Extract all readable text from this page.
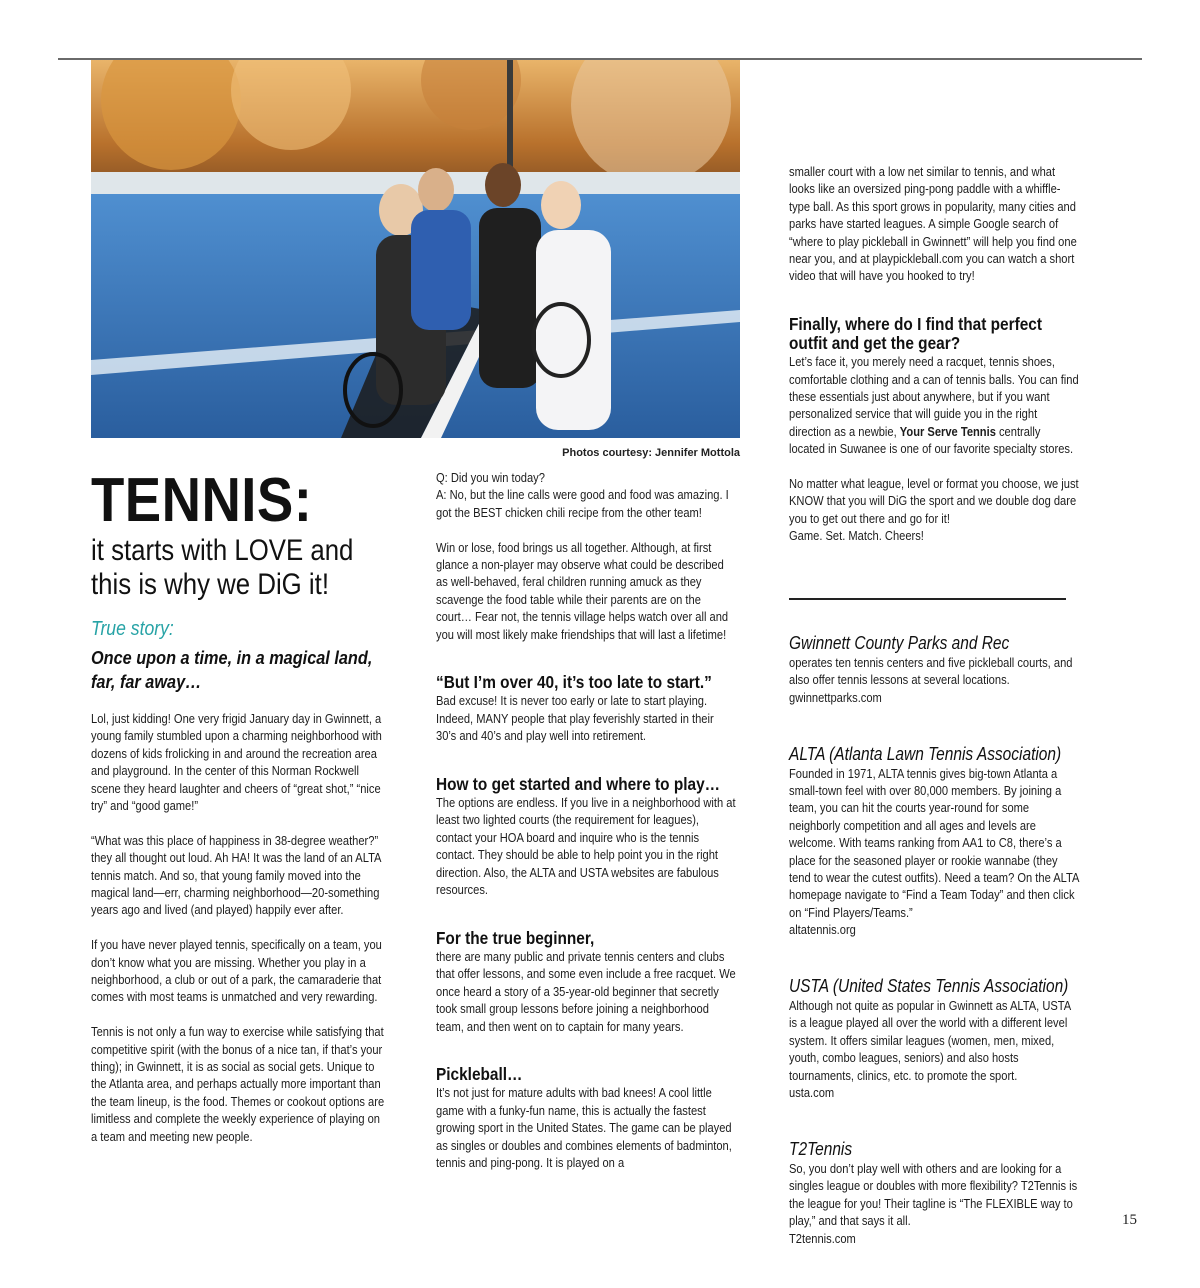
Photos courtesy: Jennifer Mottola
TENNIS:
it starts with LOVE and
this is why we DiG it!
True story:
Once upon a time, in a magical land, far, far away…

Lol, just kidding! One very frigid January day in Gwinnett, a young family stumbled upon a charming neighborhood with dozens of kids frolicking in and around the recreation area and playground. In the center of this Norman Rockwell scene they heard laughter and cheers of “great shot,” “nice try” and “good game!”

“What was this place of happiness in 38-degree weather?” they all thought out loud. Ah HA! It was the land of an ALTA tennis match. And so, that young family moved into the magical land—err, charming neighborhood—20-something years ago and lived (and played) happily ever after.

If you have never played tennis, specifically on a team, you don’t know what you are missing. Whether you play in a neighborhood, a club or out of a park, the camaraderie that comes with most teams is unmatched and very rewarding.

Tennis is not only a fun way to exercise while satisfying that competitive spirit (with the bonus of a nice tan, if that’s your thing); in Gwinnett, it is as social as social gets. Unique to the Atlanta area, and perhaps actually more important than the team lineup, is the food. Themes or cookout options are limitless and complete the weekly experience of playing on a team and meeting new people.

Q: Did you win today?

A: No, but the line calls were good and food was amazing. I got the BEST chicken chili recipe from the other team!

Win or lose, food brings us all together. Although, at first glance a non-player may observe what could be described as well-behaved, feral children running amuck as they scavenge the food table while their parents are on the court… Fear not, the tennis village helps watch over all and you will most likely make friendships that will last a lifetime!

“But I’m over 40, it’s too late to start.”

Bad excuse! It is never too early or late to start playing. Indeed, MANY people that play feverishly started in their 30’s and 40’s and play well into retirement.

How to get started and where to play…

The options are endless. If you live in a neighborhood with at least two lighted courts (the requirement for leagues), contact your HOA board and inquire who is the tennis contact. They should be able to help point you in the right direction. Also, the ALTA and USTA websites are fabulous resources.

For the true beginner,

there are many public and private tennis centers and clubs that offer lessons, and some even include a free racquet. We once heard a story of a 35-year-old beginner that secretly took small group lessons before joining a neighborhood team, and then went on to captain for many years.

Pickleball…

It’s not just for mature adults with bad knees! A cool little game with a funky-fun name, this is actually the fastest growing sport in the United States. The game can be played as singles or doubles and combines elements of badminton, tennis and ping-pong. It is played on a

smaller court with a low net similar to tennis, and what looks like an oversized ping-pong paddle with a whiffle-type ball. As this sport grows in popularity, many cities and parks have started leagues. A simple Google search of “where to play pickleball in Gwinnett” will help you find one near you, and at playpickleball.com you can watch a short video that will have you hooked to try!

Finally, where do I find that perfect outfit and get the gear?

Let’s face it, you merely need a racquet, tennis shoes, comfortable clothing and a can of tennis balls. You can find these essentials just about anywhere, but if you want personalized service that will guide you in the right direction as a newbie, Your Serve Tennis centrally located in Suwanee is one of our favorite specialty stores.

No matter what league, level or format you choose, we just KNOW that you will DiG the sport and we double dog dare you to get out there and go for it!

Game. Set. Match. Cheers!

Gwinnett County Parks and Rec

operates ten tennis centers and five pickleball courts, and also offer tennis lessons at several locations.

gwinnettparks.com

ALTA (Atlanta Lawn Tennis Association)

Founded in 1971, ALTA tennis gives big-town Atlanta a small-town feel with over 80,000 members. By joining a team, you can hit the courts year-round for some neighborly competition and all ages and levels are welcome. With teams ranking from AA1 to C8, there’s a place for the seasoned player or rookie wannabe (they tend to wear the cutest outfits). Need a team? On the ALTA homepage navigate to “Find a Team Today” and then click on “Find Players/Teams.”

altatennis.org

USTA (United States Tennis Association)

Although not quite as popular in Gwinnett as ALTA, USTA is a league played all over the world with a different level system. It offers similar leagues (women, men, mixed, youth, combo leagues, seniors) and also hosts tournaments, clinics, etc. to promote the sport.

usta.com

T2Tennis

So, you don’t play well with others and are looking for a singles league or doubles with more flexibility? T2Tennis is the league for you! Their tagline is “The FLEXIBLE way to play,” and that says it all.

T2tennis.com

15
